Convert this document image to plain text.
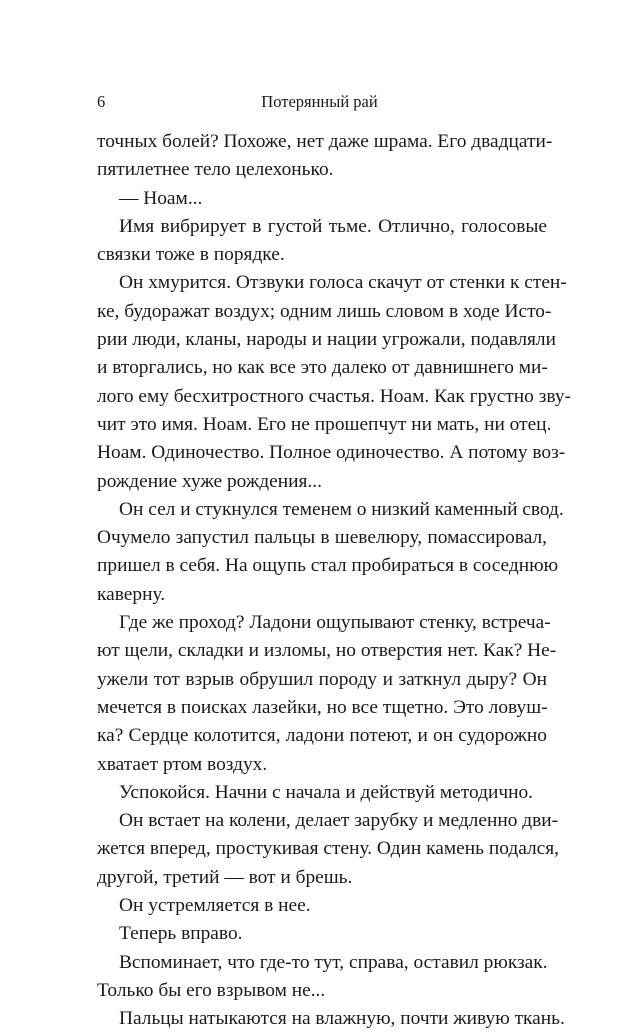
6	Потерянный рай
точных болей? Похоже, нет даже шрама. Его двадцати-
пятилетнее тело целехонько.
— Ноам...
Имя вибрирует в густой тьме. Отлично, голосовые
связки тоже в порядке.
Он хмурится. Отзвуки голоса скачут от стенки к стен-
ке, будоражат воздух; одним лишь словом в ходе Исто-
рии люди, кланы, народы и нации угрожали, подавляли
и вторгались, но как все это далеко от давнишнего ми-
лого ему бесхитростного счастья. Ноам. Как грустно зву-
чит это имя. Ноам. Его не прошепчут ни мать, ни отец.
Ноам. Одиночество. Полное одиночество. А потому воз-
рождение хуже рождения...
Он сел и стукнулся теменем о низкий каменный свод.
Очумело запустил пальцы в шевелюру, помассировал,
пришел в себя. На ощупь стал пробираться в соседнюю
каверну.
Где же проход? Ладони ощупывают стенку, встреча-
ют щели, складки и изломы, но отверстия нет. Как? Не-
ужели тот взрыв обрушил породу и заткнул дыру? Он
мечется в поисках лазейки, но все тщетно. Это ловуш-
ка? Сердце колотится, ладони потеют, и он судорожно
хватает ртом воздух.
Успокойся. Начни с начала и действуй методично.
Он встает на колени, делает зарубку и медленно дви-
жется вперед, простукивая стену. Один камень подался,
другой, третий — вот и брешь.
Он устремляется в нее.
Теперь вправо.
Вспоминает, что где-то тут, справа, оставил рюкзак.
Только бы его взрывом не...
Пальцы натыкаются на влажную, почти живую ткань.
